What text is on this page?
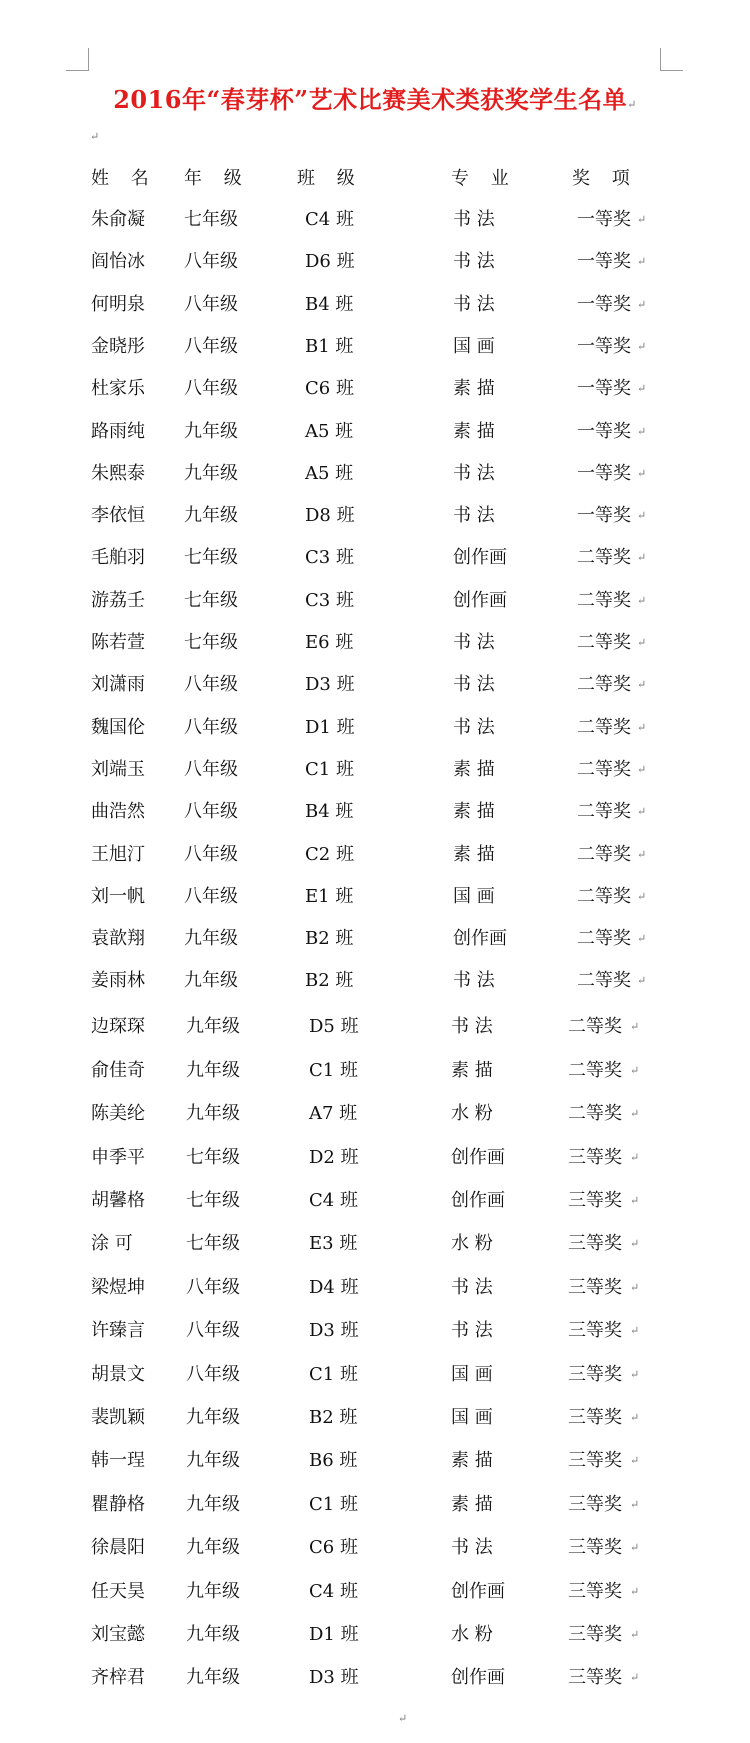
2016年“春芽杯”艺术比赛美术类获奖学生名单↵
↵
姓 名 年 级	班 级	专 业	奖 项
朱俞凝 七年级	C4 班	书 法	一等奖 ↵
阎怡冰 八年级	D6 班	书 法	一等奖 ↵
何明泉 八年级	B4 班	书 法	一等奖 ↵
金晓彤 八年级	B1 班	国 画	一等奖 ↵
杜家乐 八年级	C6 班	素 描	一等奖 ↵
路雨纯 九年级	A5 班	素 描	一等奖 ↵
朱熙泰 九年级	A5 班	书 法	一等奖 ↵
李依恒 九年级	D8 班	书 法	一等奖 ↵
毛舶羽 七年级	C3 班	创作画	二等奖 ↵
游荔壬 七年级	C3 班	创作画	二等奖 ↵
陈若萱 七年级	E6 班	书 法	二等奖 ↵
刘潇雨 八年级	D3 班	书 法	二等奖 ↵
魏国伦 八年级	D1 班	书 法	二等奖 ↵
刘端玉 八年级	C1 班	素 描	二等奖 ↵
曲浩然 八年级	B4 班	素 描	二等奖 ↵
王旭汀 八年级	C2 班	素 描	二等奖 ↵
刘一帆 八年级	E1 班	国 画	二等奖 ↵
袁歆翔 九年级	B2 班	创作画	二等奖 ↵
姜雨林 九年级	B2 班	书 法	二等奖 ↵
边琛琛 九年级	D5 班	书 法	二等奖 ↵
俞佳奇 九年级	C1 班	素 描	二等奖 ↵
陈美纶 九年级	A7 班	水 粉	二等奖 ↵
申季平 七年级	D2 班	创作画	三等奖 ↵
胡馨格 七年级	C4 班	创作画	三等奖 ↵
涂 可	七年级	E3 班	水 粉	三等奖 ↵
梁煜坤 八年级	D4 班	书 法	三等奖 ↵
许臻言 八年级	D3 班	书 法	三等奖 ↵
胡景文 八年级	C1 班	国 画	三等奖 ↵
裴凯颖 九年级	B2 班	国 画	三等奖 ↵
韩一珵 九年级	B6 班	素 描	三等奖 ↵
瞿静格 九年级	C1 班	素 描	三等奖 ↵
徐晨阳 九年级	C6 班	书 法	三等奖 ↵
任天昊 九年级	C4 班	创作画	三等奖 ↵
刘宝懿 九年级	D1 班	水 粉	三等奖 ↵
齐梓君 九年级	D3 班	创作画	三等奖 ↵
↵
